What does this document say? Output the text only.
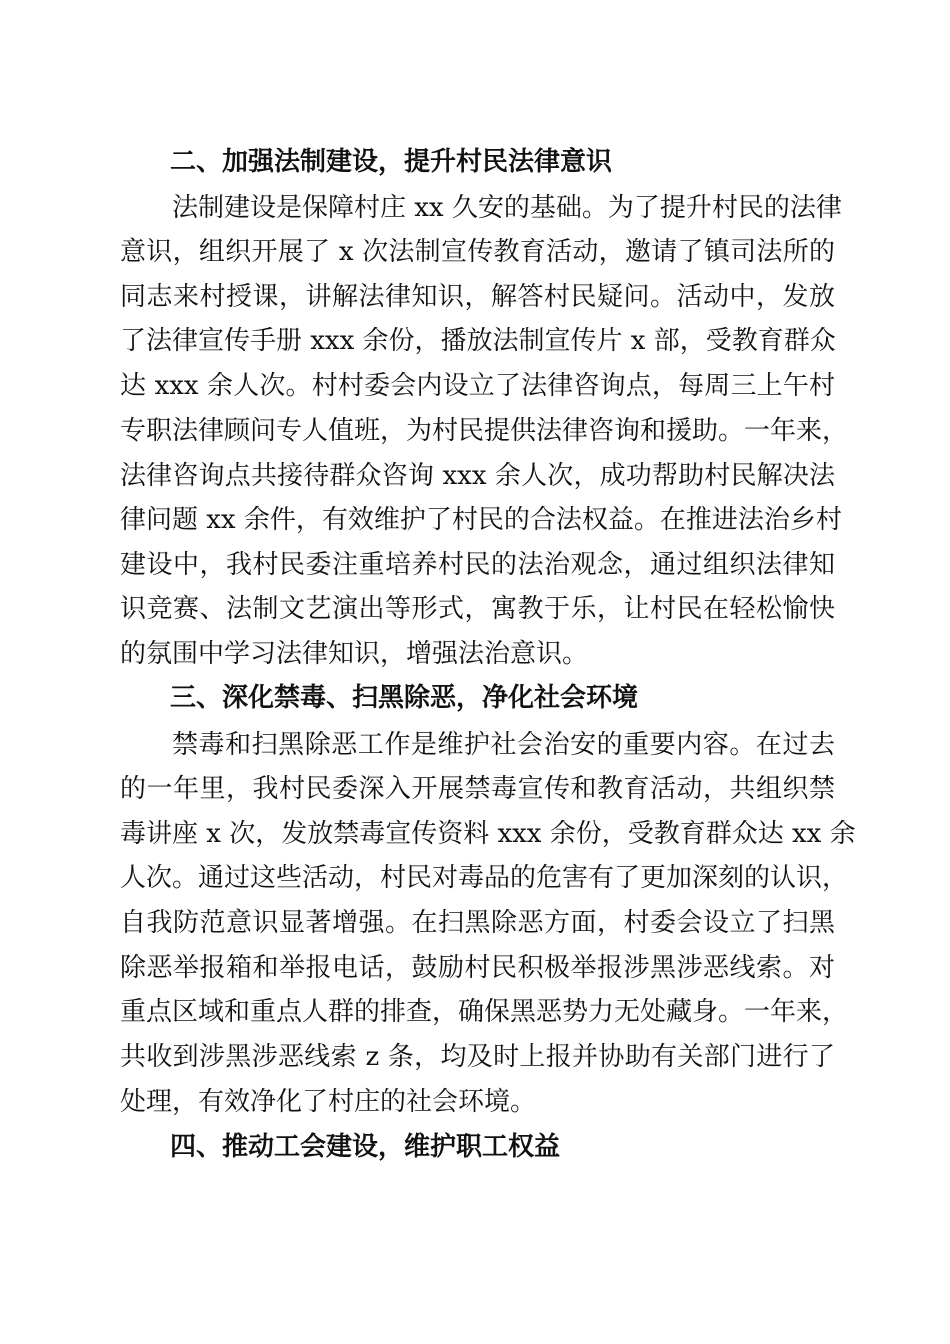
二、加强法制建设，提升村民法律意识
法制建设是保障村庄 xx 久安的基础。为了提升村民的法律
意识，组织开展了 x 次法制宣传教育活动，邀请了镇司法所的
同志来村授课，讲解法律知识，解答村民疑问。活动中，发放
了法律宣传手册 xxx 余份，播放法制宣传片 x 部，受教育群众
达 xxx 余人次。村村委会内设立了法律咨询点，每周三上午村
专职法律顾问专人值班，为村民提供法律咨询和援助。一年来，
法律咨询点共接待群众咨询 xxx 余人次，成功帮助村民解决法
律问题 xx 余件，有效维护了村民的合法权益。在推进法治乡村
建设中，我村民委注重培养村民的法治观念，通过组织法律知
识竞赛、法制文艺演出等形式，寓教于乐，让村民在轻松愉快
的氛围中学习法律知识，增强法治意识。
三、深化禁毒、扫黑除恶，净化社会环境
禁毒和扫黑除恶工作是维护社会治安的重要内容。在过去
的一年里，我村民委深入开展禁毒宣传和教育活动，共组织禁
毒讲座 x 次，发放禁毒宣传资料 xxx 余份，受教育群众达 xx 余
人次。通过这些活动，村民对毒品的危害有了更加深刻的认识，
自我防范意识显著增强。在扫黑除恶方面，村委会设立了扫黑
除恶举报箱和举报电话，鼓励村民积极举报涉黑涉恶线索。对
重点区域和重点人群的排查，确保黑恶势力无处藏身。一年来，
共收到涉黑涉恶线索 z 条，均及时上报并协助有关部门进行了
处理，有效净化了村庄的社会环境。
四、推动工会建设，维护职工权益
